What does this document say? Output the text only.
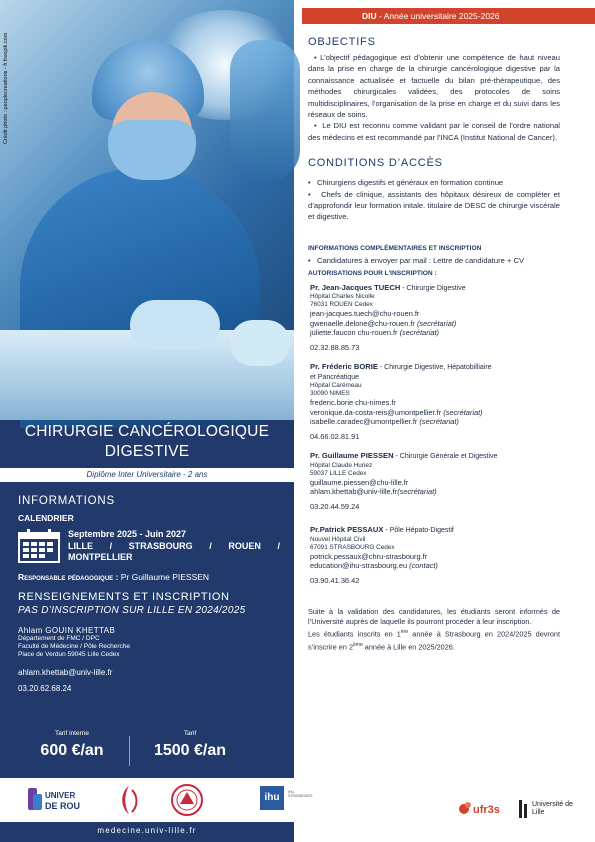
Crédit photo : peoplecreations - fr.freepik.com
CHIRURGIE CANCÉROLOGIQUE
DIGESTIVE
Diplôme Inter Universitaire - 2 ans
INFORMATIONS
CALENDRIER
Septembre 2025 - Juin 2027
LILLE / STRASBOURG / ROUEN /
MONTPELLIER
Responsable pédagogique : Pr Guillaume PIESSEN
RENSEIGNEMENTS ET INSCRIPTION
PAS D’INSCRIPTION SUR LILLE EN 2024/2025
Ahlam GOUIN KHETTAB
Département de FMC / DPC
Faculté de Médecine / Pôle Recherche
Place de Verdun 59045 Lille Cedex
ahlam.khettab@univ-lille.fr
03.20.62.68.24
Tarif interne
600 €/an
Tarif
1500 €/an
UNIVER
DE ROU
ihu	IHU STRASBOURG
medecine.univ-lille.fr
DIU - Année universitaire 2025-2026
OBJECTIFS
• L’objectif pédagogique est d’obtenir une compétence de haut niveau dans la prise en charge de la chirurgie cancérologique digestive par la connaissance actualisée et factuelle du bilan pré-thérapeutique, des méthodes chirurgicales validées, des protocoles de soins multidisciplinaires, l’organisation de la prise en charge et du suivi dans les réseaux de soins.
•  Le DIU est reconnu comme validant par le conseil de l’ordre national des médecins et est recommandé par l’INCA (Institut National de Cancer).
CONDITIONS D’ACCÈS
•   Chirurgiens digestifs et généraux en formation continue
•   Chefs de clinique, assistants des hôpitaux désireux de compléter et d’approfondir leur formation initale. titulaire de DESC de chirurgie viscérale et digestive.
INFORMATIONS COMPLÉMENTAIRES ET INSCRIPTION
•   Candidatures à envoyer par mail : Lettre de candidature + CV
AUTORISATIONS POUR L’INSCRIPTION :
Pr. Jean-Jacques TUECH - Chirurgie Digestive
Hôpital Charles Nicolle
76031 ROUEN Cedex
jean-jacques.tuech@chu-rouen.fr
gwenaelle.delone@chu-rouen.fr (secrétariat)
juliette.faucon chu-rouen.fr (secrétariat)
02.32.88.85.73
Pr. Fréderic BORIE - Chirurgie Digestive, Hépatobilliaire
et Pancréatique
Hôpital Carémeau
30090 NIMES
frederic.borie chu-nimes.fr
veronique.da-costa-reis@umontpellier.fr (secrétariat)
isabelle.caradec@umontpellier.fr (secrétariat)
04.66.02.81.91
Pr. Guillaume PIESSEN - Chirurgie Générale et Digestive
Hôpital Claude Huriez
59037 LILLE Cedex
guillaume.piessen@chu-lille.fr
ahlam.khettab@univ-lille.fr(secrétariat)
03.20.44.59.24
Pr.Patrick PESSAUX - Pôle Hépato-Digestif
Nouvel Hôpital Civil
67091 STRASBOURG Cedex
potrick.pessaux@chru-strasbourg.fr
education@ihu-strasbourg.eu (contact)
03.90.41.36.42
Suite à la validation des candidatures, les étudiants seront informés de l’Université auprès de laquelle ils pourront procéder à leur inscription.
Les étudiants inscrits en 1ère année à Strasbourg en 2024/2025 devront s’inscrire en 2ème année à Lille en 2025/2026.
ufr3s	Université de Lille
